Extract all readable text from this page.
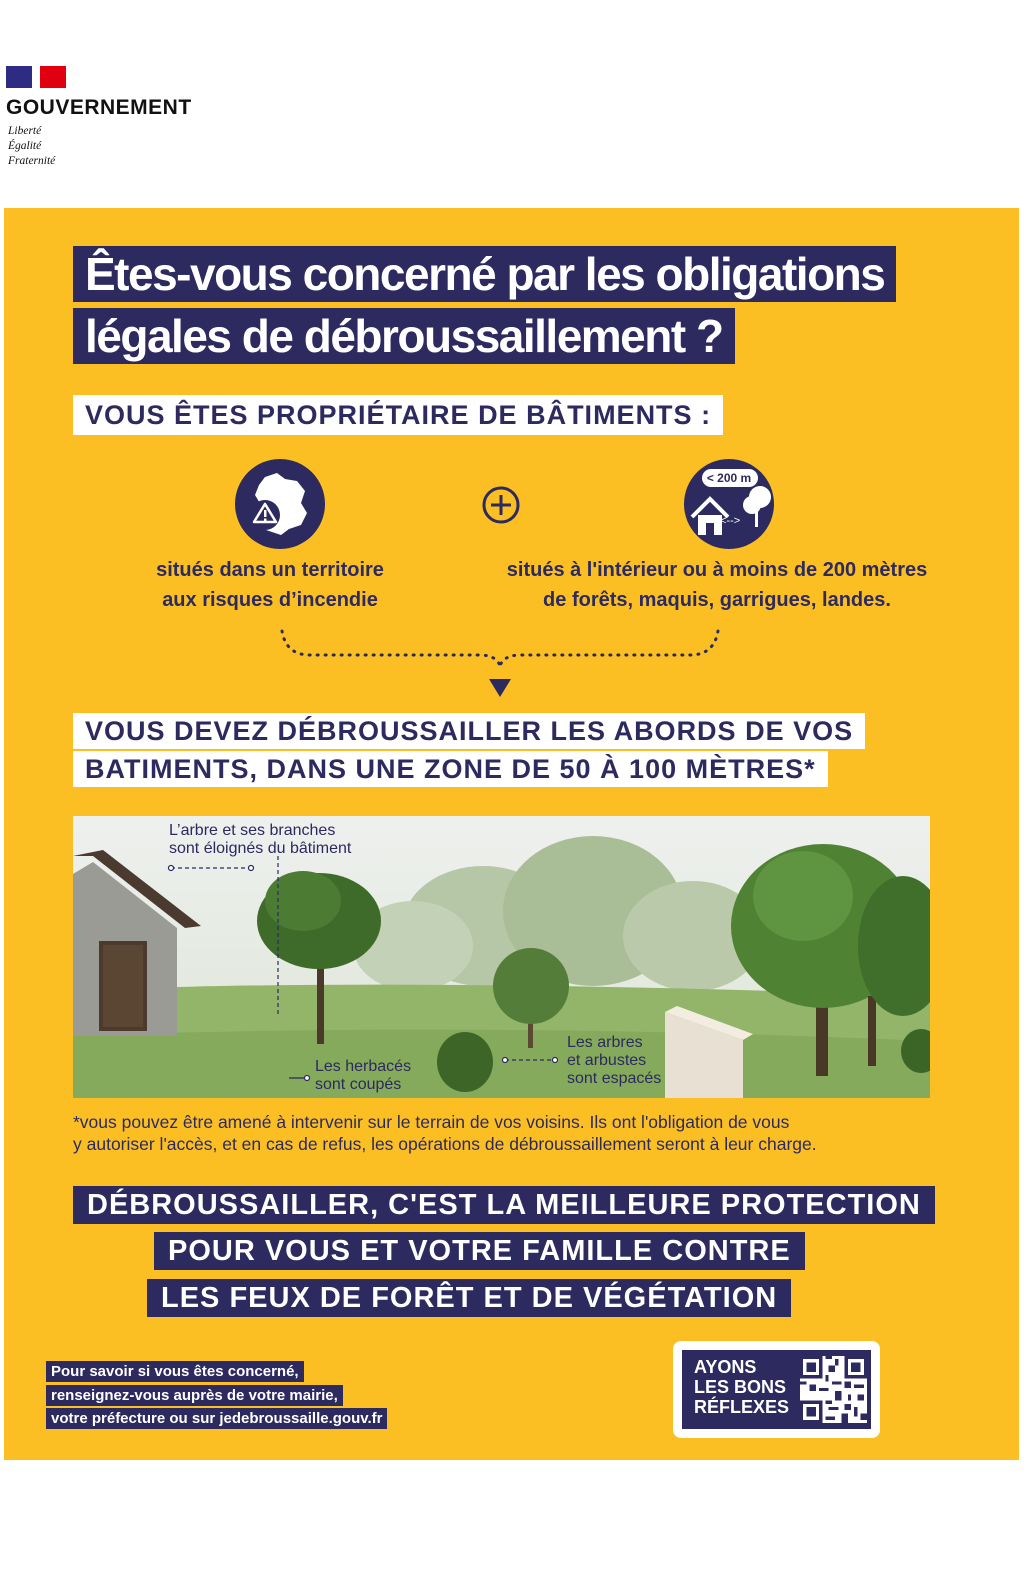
GOUVERNEMENT
Liberté
Égalité
Fraternité
Êtes-vous concerné par les obligations
légales de débroussaillement ?
VOUS ÊTES PROPRIÉTAIRE DE BÂTIMENTS :
< 200 m
<-->
situés dans un territoire
aux risques d’incendie
situés à l'intérieur ou à moins de 200 mètres
de forêts, maquis, garrigues, landes.
VOUS DEVEZ DÉBROUSSAILLER LES ABORDS DE VOS
BATIMENTS, DANS UNE ZONE DE 50 À 100 MÈTRES*
L’arbre et ses branches
sont éloignés du bâtiment
Les herbacés
sont coupés
Les arbres
et arbustes
sont espacés
*vous pouvez être amené à intervenir sur le terrain de vos voisins. Ils ont l'obligation de vous
y autoriser l'accès, et en cas de refus, les opérations de débroussaillement seront à leur charge.
DÉBROUSSAILLER, C'EST LA MEILLEURE PROTECTION
POUR VOUS ET VOTRE FAMILLE CONTRE
LES FEUX DE FORÊT ET DE VÉGÉTATION
Pour savoir si vous êtes concerné,
renseignez-vous auprès de votre mairie,
votre préfecture ou sur jedebroussaille.gouv.fr
AYONS
LES BONS
RÉFLEXES
